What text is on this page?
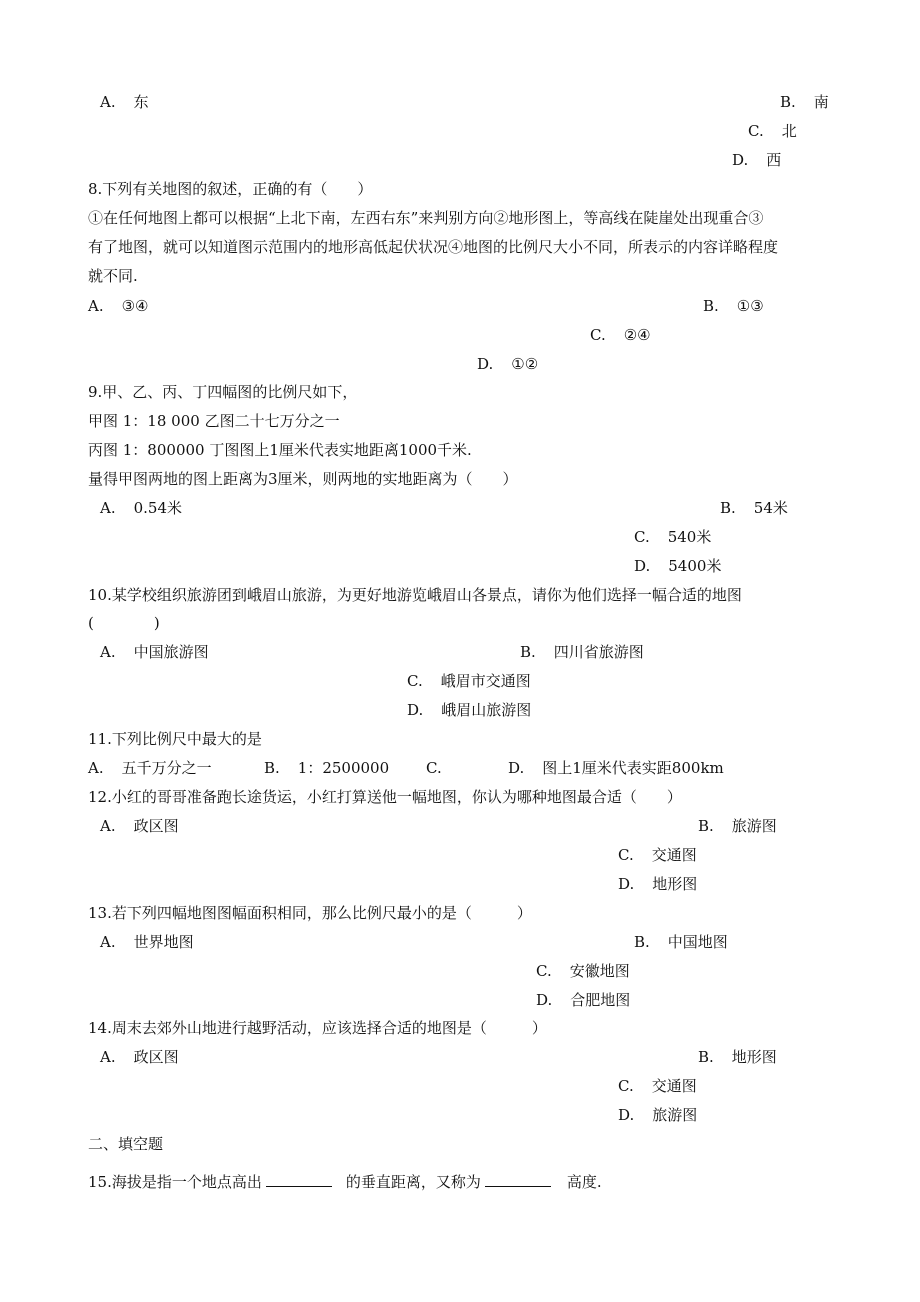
A. 东	B. 南
C. 北
D. 西
8.下列有关地图的叙述，正确的有（　　）
①在任何地图上都可以根据“上北下南，左西右东”来判别方向②地形图上，等高线在陡崖处出现重合③
有了地图，就可以知道图示范围内的地形高低起伏状况④地图的比例尺大小不同，所表示的内容详略程度
就不同.
A. ③④	B. ①③
C. ②④
D. ①②
9.甲、乙、丙、丁四幅图的比例尺如下，
甲图 1：18 000 乙图二十七万分之一
丙图 1：800000 丁图图上1厘米代表实地距离1000千米.
量得甲图两地的图上距离为3厘米，则两地的实地距离为（　　）
A. 0.54米	B. 54米
C. 540米
D. 5400米
10.某学校组织旅游团到峨眉山旅游，为更好地游览峨眉山各景点，请你为他们选择一幅合适的地图
(　　　　)
A. 中国旅游图	B. 四川省旅游图
C. 峨眉市交通图
D. 峨眉山旅游图
11.下列比例尺中最大的是
A. 五千万分之一	B. 1：2500000 C.	D. 图上1厘米代表实距800km
12.小红的哥哥准备跑长途货运，小红打算送他一幅地图，你认为哪种地图最合适（　　）
A. 政区图	B. 旅游图
C. 交通图
D. 地形图
13.若下列四幅地图图幅面积相同，那么比例尺最小的是（　　　）
A. 世界地图	B. 中国地图
C. 安徽地图
D. 合肥地图
14.周末去郊外山地进行越野活动，应该选择合适的地图是（　　　）
A. 政区图	B. 地形图
C. 交通图
D. 旅游图
二、填空题
15.海拔是指一个地点高出	的垂直距离，又称为	高度.
